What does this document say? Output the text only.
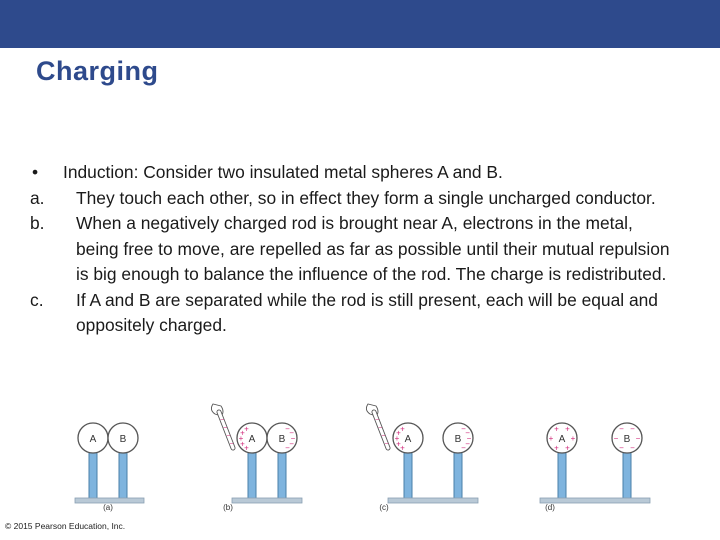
Charging
•	Induction: Consider two insulated metal spheres A and B.
a.	They touch each other, so in effect they form a single uncharged conductor.
b.	When a negatively charged rod is brought near A, electrons in the metal, being free to move, are repelled as far as possible until their mutual repulsion is big enough to balance the influence of the rod. The charge is redistributed.
c.	If A and B are separated while the rod is still present, each will be equal and oppositely charged.
A B
(a)
−
−
−
− A B
+
+
+
+ +	− −
−
−
−
(b)
−
−
−
− A	B
+
+
+
+ +	− −
−
−
−
(c)
A	B
+
+
+
+
+ +
−
−
−
−
− −
(d)
© 2015 Pearson Education, Inc.
